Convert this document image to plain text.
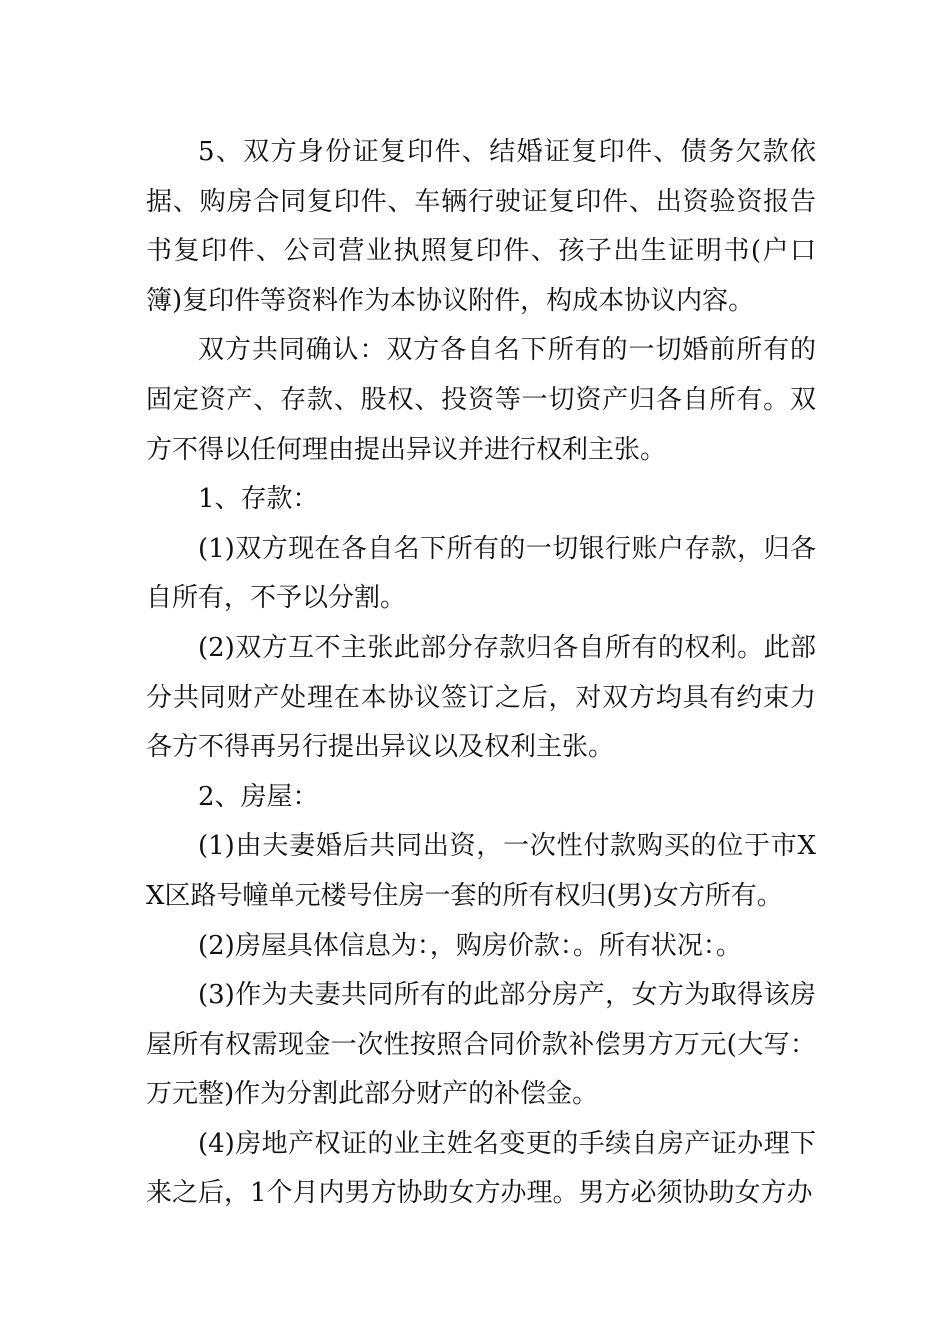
5、双方身份证复印件、结婚证复印件、债务欠款依据、购房合同复印件、车辆行驶证复印件、出资验资报告书复印件、公司营业执照复印件、孩子出生证明书(户口簿)复印件等资料作为本协议附件，构成本协议内容。

双方共同确认：双方各自名下所有的一切婚前所有的固定资产、存款、股权、投资等一切资产归各自所有。双方不得以任何理由提出异议并进行权利主张。

1、存款：

(1)双方现在各自名下所有的一切银行账户存款，归各自所有，不予以分割。

(2)双方互不主张此部分存款归各自所有的权利。此部分共同财产处理在本协议签订之后，对双方均具有约束力各方不得再另行提出异议以及权利主张。

2、房屋：

(1)由夫妻婚后共同出资，一次性付款购买的位于市XX区路号幢单元楼号住房一套的所有权归(男)女方所有。

(2)房屋具体信息为：，购房价款：。所有状况：。

(3)作为夫妻共同所有的此部分房产，女方为取得该房屋所有权需现金一次性按照合同价款补偿男方万元(大写：万元整)作为分割此部分财产的补偿金。

(4)房地产权证的业主姓名变更的手续自房产证办理下来之后，1个月内男方协助女方办理。男方必须协助女方办
